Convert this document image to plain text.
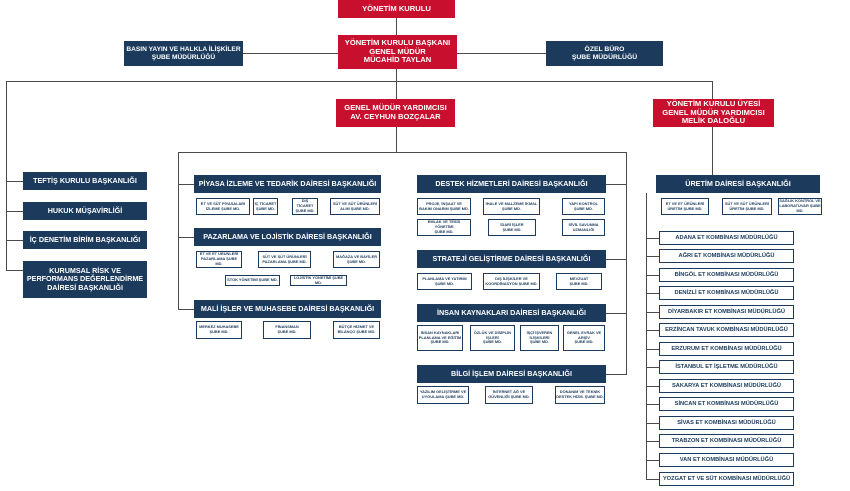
YÖNETİM KURULU
YÖNETİM KURULU BAŞKANI
GENEL MÜDÜR
MÜCAHİD TAYLAN
BASIN YAYIN VE HALKLA İLİŞKİLER
ŞUBE MÜDÜRLÜĞÜ
ÖZEL BÜRO
ŞUBE MÜDÜRLÜĞÜ
GENEL MÜDÜR YARDIMCISI
AV. CEYHUN BOZÇALAR
YÖNETİM KURULU ÜYESİ
GENEL MÜDÜR YARDIMCISI
MELİK DALOĞLU
TEFTİŞ KURULU BAŞKANLIĞI
HUKUK MÜŞAVİRLİĞİ
İÇ DENETİM BİRİM BAŞKANLIĞI
KURUMSAL RİSK VE
PERFORMANS DEĞERLENDİRME
DAİRESİ BAŞKANLIĞI
PİYASA İZLEME VE TEDARİK DAİRESİ BAŞKANLIĞI
ET VE SÜT PİYASALARI
İZLEME ŞUBE MD.
İÇ TİCARET
ŞUBE MD.
DIŞ TİCARET
ŞUBE MD.
SÜT VE SÜT ÜRÜNLERİ
ALIM ŞUBE MD.
PAZARLAMA VE LOJİSTİK DAİRESİ BAŞKANLIĞI
ET VE ET ÜRÜNLERİ
PAZARLAMA ŞUBE MD.
SÜT VE SÜT ÜRÜNLERİ
PAZARLAMA ŞUBE MD.
MAĞAZA VE BAYİLER
ŞUBE MD.
STOK YÖNETİMİ ŞUBE MD.	LOJİSTİK YÖNETİMİ ŞUBE MD.
MALİ İŞLER VE MUHASEBE DAİRESİ BAŞKANLIĞI
MERKEZ MUHASEBE
ŞUBE MD.
FİNANSMAN
ŞUBE MD.
BÜTÇE HİZMET VE
BİLANÇO ŞUBE MD.
DESTEK HİZMETLERİ DAİRESİ BAŞKANLIĞI
PROJE, İNŞAAT VE
BAKIM ONARIM ŞUBE MD.
İHALE VE MALZEME İKMAL
ŞUBE MD.
YAPI KONTROL
ŞUBE MD.
EMLAK VE TESİS YÖNETİMİ
ŞUBE MD.
İDARİ İŞLER
ŞUBE MD.
SİVİL SAVUNMA
UZMANLIĞI
STRATEJİ GELİŞTİRME DAİRESİ BAŞKANLIĞI
PLANLAMA VE YATIRIM
ŞUBE MD.
DIŞ İLİŞKİLER VE
KOORDİNASYON ŞUBE MD.
MEVZUAT
ŞUBE MD.
İNSAN KAYNAKLARI DAİRESİ BAŞKANLIĞI
İNSAN KAYNAKLARI
PLANLAMA VE EĞİTİM
ŞUBE MD.
ÖZLÜK VE DİSİPLİN
İŞLERİ
ŞUBE MD.
İŞÇİ İŞVEREN
İLİŞKİLERİ
ŞUBE MD.
GENEL EVRAK VE
ARŞİV
ŞUBE MD.
BİLGİ İŞLEM DAİRESİ BAŞKANLIĞI
YAZILIM GELİŞTİRME VE
UYGULAMA ŞUBE MD.
İNTERNET AĞ VE
GÜVENLİĞİ ŞUBE MD.
DONANIM VE TEKNİK
DESTEK HİZM. ŞUBE MD.
ÜRETİM DAİRESİ BAŞKANLIĞI
ET VE ET ÜRÜNLERİ
ÜRETİM ŞUBE MD.
SÜT VE SÜT ÜRÜNLERİ
ÜRETİM ŞUBE MD.
SAĞLIK KONTROL VE
LABORATUVAR ŞUBE MD.
ADANA ET KOMBİNASI MÜDÜRLÜĞÜ
AĞRI ET KOMBİNASI MÜDÜRLÜĞÜ
BİNGÖL ET KOMBİNASI MÜDÜRLÜĞÜ
DENİZLİ ET KOMBİNASI MÜDÜRLÜĞÜ
DİYARBAKIR ET KOMBİNASI MÜDÜRLÜĞÜ
ERZİNCAN TAVUK KOMBİNASI MÜDÜRLÜĞÜ
ERZURUM ET KOMBİNASI MÜDÜRLÜĞÜ
İSTANBUL ET İŞLETME MÜDÜRLÜĞÜ
SAKARYA ET KOMBİNASI MÜDÜRLÜĞÜ
SİNCAN ET KOMBİNASI MÜDÜRLÜĞÜ
SİVAS ET KOMBİNASI MÜDÜRLÜĞÜ
TRABZON ET KOMBİNASI MÜDÜRLÜĞÜ
VAN ET KOMBİNASI MÜDÜRLÜĞÜ
YOZGAT ET VE SÜT KOMBİNASI MÜDÜRLÜĞÜ
